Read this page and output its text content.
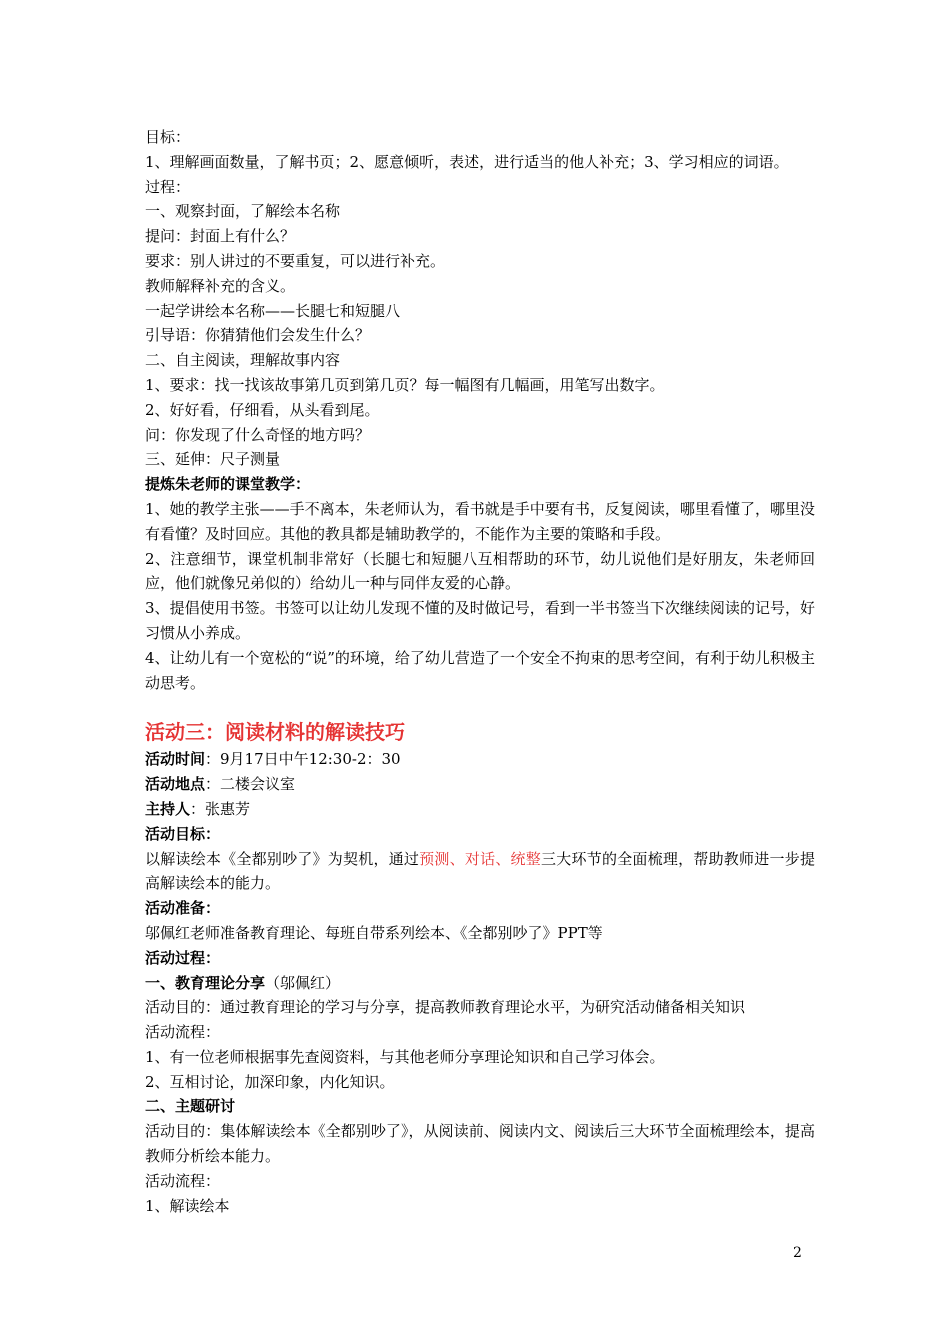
目标：
1、理解画面数量，了解书页；2、愿意倾听，表述，进行适当的他人补充；3、学习相应的词语。
过程：
一、观察封面，了解绘本名称
提问：封面上有什么？
要求：别人讲过的不要重复，可以进行补充。
教师解释补充的含义。
一起学讲绘本名称——长腿七和短腿八
引导语：你猜猜他们会发生什么？
二、自主阅读，理解故事内容
1、要求：找一找该故事第几页到第几页？每一幅图有几幅画，用笔写出数字。
2、好好看，仔细看，从头看到尾。
问：你发现了什么奇怪的地方吗？
三、延伸：尺子测量
提炼朱老师的课堂教学：
1、她的教学主张——手不离本，朱老师认为，看书就是手中要有书，反复阅读，哪里看懂了，哪里没有看懂？及时回应。其他的教具都是辅助教学的，不能作为主要的策略和手段。
2、注意细节，课堂机制非常好（长腿七和短腿八互相帮助的环节，幼儿说他们是好朋友，朱老师回应，他们就像兄弟似的）给幼儿一种与同伴友爱的心静。
3、提倡使用书签。书签可以让幼儿发现不懂的及时做记号，看到一半书签当下次继续阅读的记号，好习惯从小养成。
4、让幼儿有一个宽松的“说”的环境，给了幼儿营造了一个安全不拘束的思考空间，有利于幼儿积极主动思考。
活动三：阅读材料的解读技巧
活动时间：9月17日中午12:30-2：30
活动地点：二楼会议室
主持人：张惠芳
活动目标：
以解读绘本《全都别吵了》为契机，通过预测、对话、统整三大环节的全面梳理，帮助教师进一步提高解读绘本的能力。
活动准备：
邬佩红老师准备教育理论、每班自带系列绘本、《全都别吵了》PPT等
活动过程：
一、教育理论分享（邬佩红）
活动目的：通过教育理论的学习与分享，提高教师教育理论水平，为研究活动储备相关知识
活动流程：
1、有一位老师根据事先查阅资料，与其他老师分享理论知识和自己学习体会。
2、互相讨论，加深印象，内化知识。
二、主题研讨
活动目的：集体解读绘本《全都别吵了》，从阅读前、阅读内文、阅读后三大环节全面梳理绘本，提高教师分析绘本能力。
活动流程：
1、解读绘本
2
